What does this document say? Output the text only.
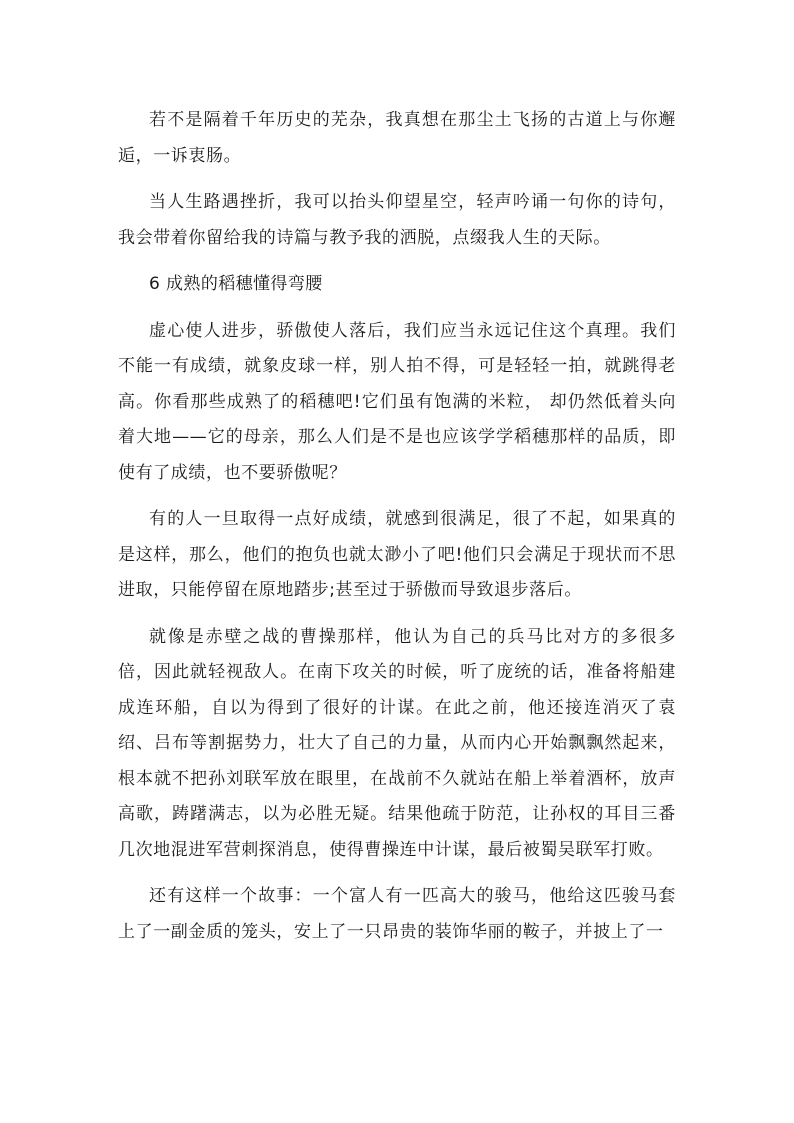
若不是隔着千年历史的芜杂，我真想在那尘土飞扬的古道上与你邂逅，一诉衷肠。

当人生路遇挫折，我可以抬头仰望星空，轻声吟诵一句你的诗句，我会带着你留给我的诗篇与教予我的洒脱，点缀我人生的天际。

6 成熟的稻穗懂得弯腰

虚心使人进步，骄傲使人落后，我们应当永远记住这个真理。我们不能一有成绩，就象皮球一样，别人拍不得，可是轻轻一拍，就跳得老高。你看那些成熟了的稻穗吧!它们虽有饱满的米粒， 却仍然低着头向着大地——它的母亲，那么人们是不是也应该学学稻穗那样的品质，即使有了成绩，也不要骄傲呢？

有的人一旦取得一点好成绩，就感到很满足，很了不起，如果真的是这样，那么，他们的抱负也就太渺小了吧!他们只会满足于现状而不思进取，只能停留在原地踏步;甚至过于骄傲而导致退步落后。

就像是赤壁之战的曹操那样，他认为自己的兵马比对方的多很多倍，因此就轻视敌人。在南下攻关的时候，听了庞统的话，准备将船建成连环船，自以为得到了很好的计谋。在此之前，他还接连消灭了袁绍、吕布等割据势力，壮大了自己的力量，从而内心开始飘飘然起来，根本就不把孙刘联军放在眼里，在战前不久就站在船上举着酒杯，放声高歌，踌躇满志，以为必胜无疑。结果他疏于防范，让孙权的耳目三番几次地混进军营刺探消息，使得曹操连中计谋，最后被蜀吴联军打败。

还有这样一个故事：一个富人有一匹高大的骏马，他给这匹骏马套上了一副金质的笼头，安上了一只昂贵的装饰华丽的鞍子，并披上了一
